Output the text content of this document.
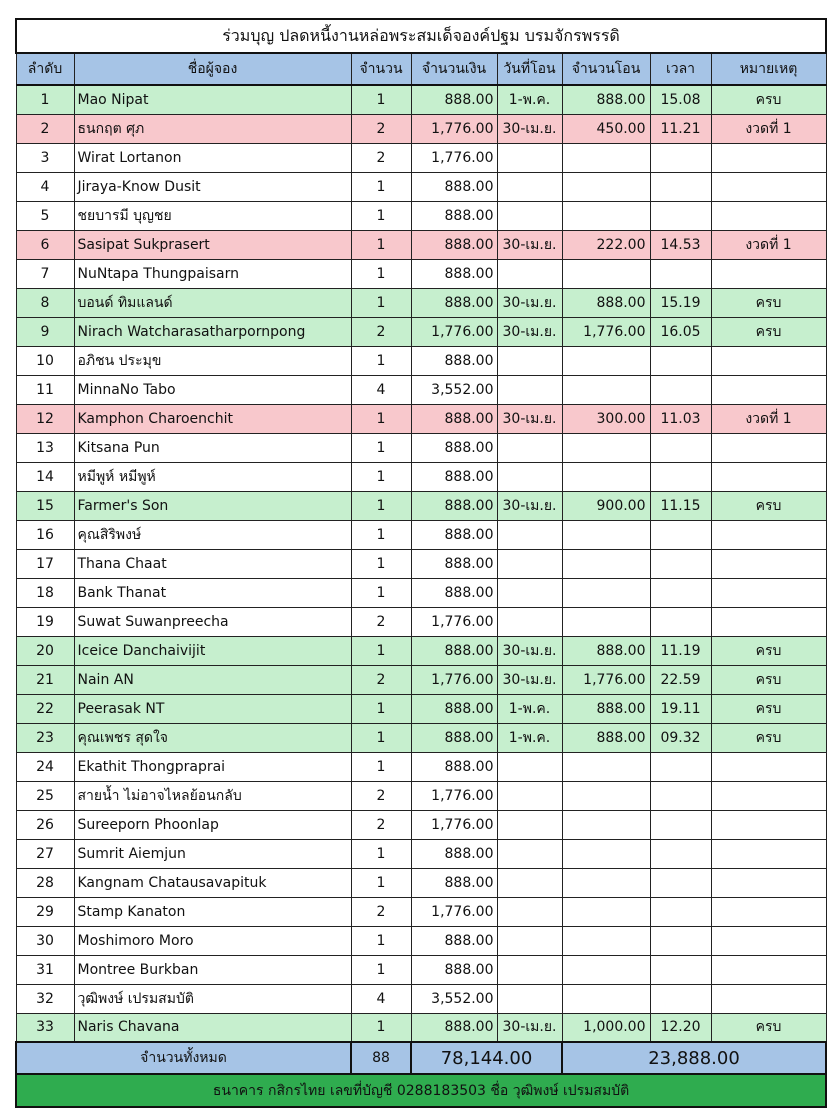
ร่วมบุญ ปลดหนี้งานหล่อพระสมเด็จองค์ปฐม บรมจักรพรรดิ							
ลำดับ	ชื่อผู้จอง	จำนวน	จำนวนเงิน	วันที่โอน	จำนวนโอน	เวลา	หมายเหตุ
1	Mao Nipat	1	888.00	1-พ.ค.	888.00	15.08	ครบ
2	ธนกฤต ศุภ	2	1,776.00	30-เม.ย.	450.00	11.21	งวดที่ 1
3	Wirat Lortanon	2	1,776.00				
4	Jiraya-Know Dusit	1	888.00				
5	ชยบารมี บุญชย	1	888.00				
6	Sasipat Sukprasert	1	888.00	30-เม.ย.	222.00	14.53	งวดที่ 1
7	NuNtapa Thungpaisarn	1	888.00				
8	บอนด์ ทิมแลนด์	1	888.00	30-เม.ย.	888.00	15.19	ครบ
9	Nirach Watcharasatharpornpong	2	1,776.00	30-เม.ย.	1,776.00	16.05	ครบ
10	อภิชน ประมุข	1	888.00				
11	MinnaNo Tabo	4	3,552.00				
12	Kamphon Charoenchit	1	888.00	30-เม.ย.	300.00	11.03	งวดที่ 1
13	Kitsana Pun	1	888.00				
14	หมีพูห์ หมีพูห์	1	888.00				
15	Farmer's Son	1	888.00	30-เม.ย.	900.00	11.15	ครบ
16	คุณสิริพงษ์	1	888.00				
17	Thana Chaat	1	888.00				
18	Bank Thanat	1	888.00				
19	Suwat Suwanpreecha	2	1,776.00				
20	Iceice Danchaivijit	1	888.00	30-เม.ย.	888.00	11.19	ครบ
21	Nain AN	2	1,776.00	30-เม.ย.	1,776.00	22.59	ครบ
22	Peerasak NT	1	888.00	1-พ.ค.	888.00	19.11	ครบ
23	คุณเพชร สุดใจ	1	888.00	1-พ.ค.	888.00	09.32	ครบ
24	Ekathit Thongpraprai	1	888.00				
25	สายน้ำ ไม่อาจไหลย้อนกลับ	2	1,776.00				
26	Sureeporn Phoonlap	2	1,776.00				
27	Sumrit Aiemjun	1	888.00				
28	Kangnam Chatausavapituk	1	888.00				
29	Stamp Kanaton	2	1,776.00				
30	Moshimoro Moro	1	888.00				
31	Montree Burkban	1	888.00				
32	วุฒิพงษ์ เปรมสมบัติ	4	3,552.00				
33	Naris Chavana	1	888.00	30-เม.ย.	1,000.00	12.20	ครบ
จำนวนทั้งหมด		88	78,144.00		23,888.00		
ธนาคาร กสิกรไทย เลขที่บัญชี 0288183503 ชื่อ วุฒิพงษ์ เปรมสมบัติ							
